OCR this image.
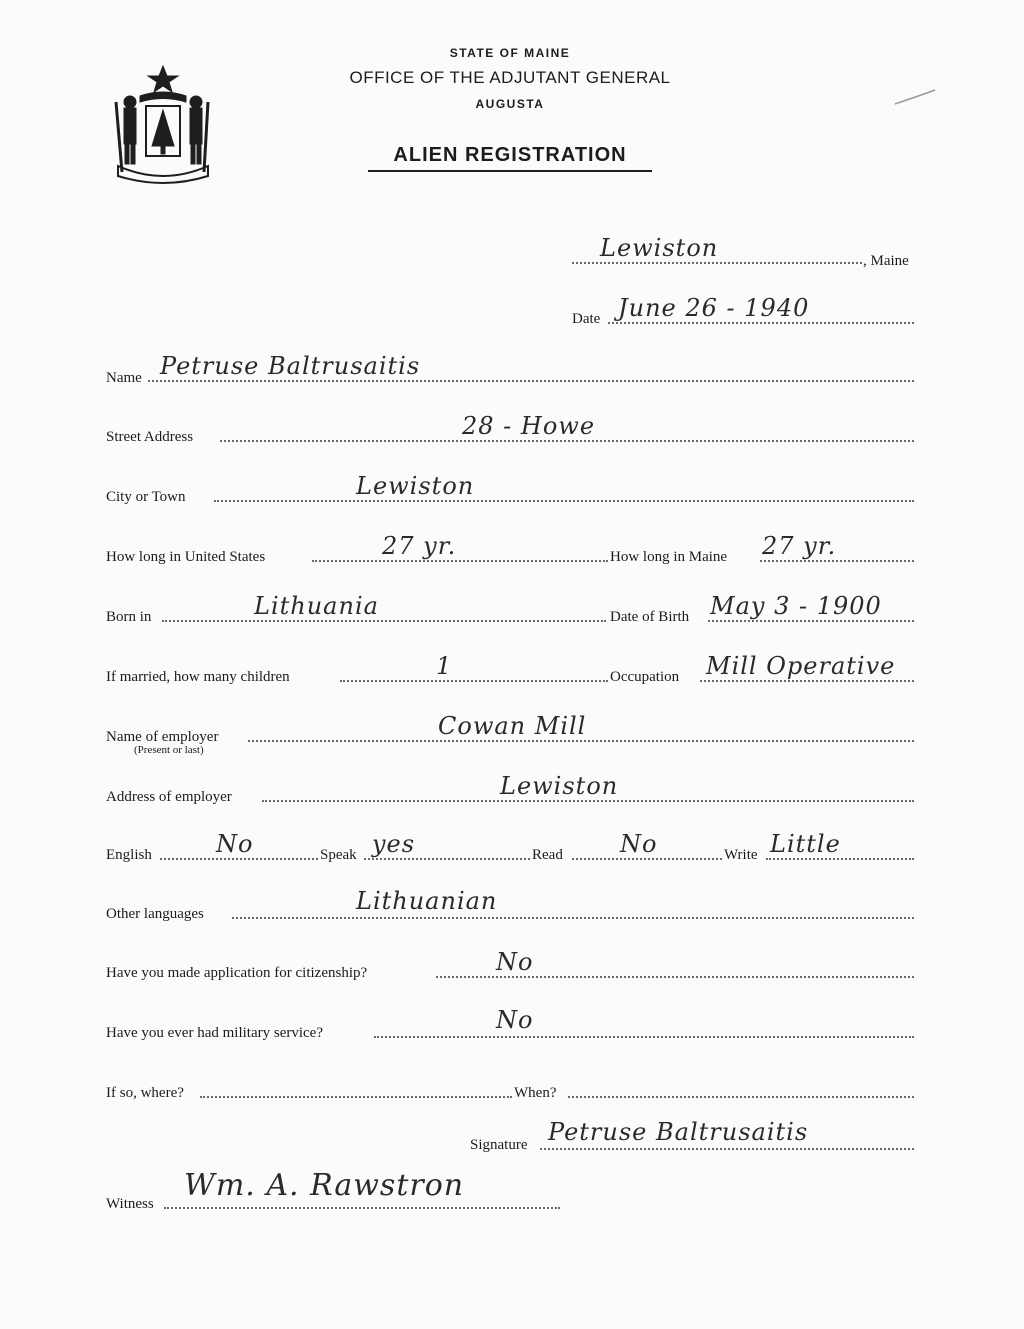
STATE OF MAINE
OFFICE OF THE ADJUTANT GENERAL
AUGUSTA
ALIEN REGISTRATION
Lewiston	, Maine
Date June 26 - 1940
Name Petruse Baltrusaitis
Street Address	28 - Howe
City or Town	Lewiston
How long in United States	27 yr.	How long in Maine 27 yr.
Born in	Lithuania	Date of Birth May 3 - 1900
If married, how many children	1	Occupation Mill Operative
Name of employer
(Present or last)
Cowan Mill
Address of employer	Lewiston
English	No	Speak yes	Read No	Write Little
Other languages	Lithuanian
Have you made application for citizenship?	No
Have you ever had military service?	No
If so, where?	When?
Signature Petruse Baltrusaitis
Witness
Wm. A. Rawstron
